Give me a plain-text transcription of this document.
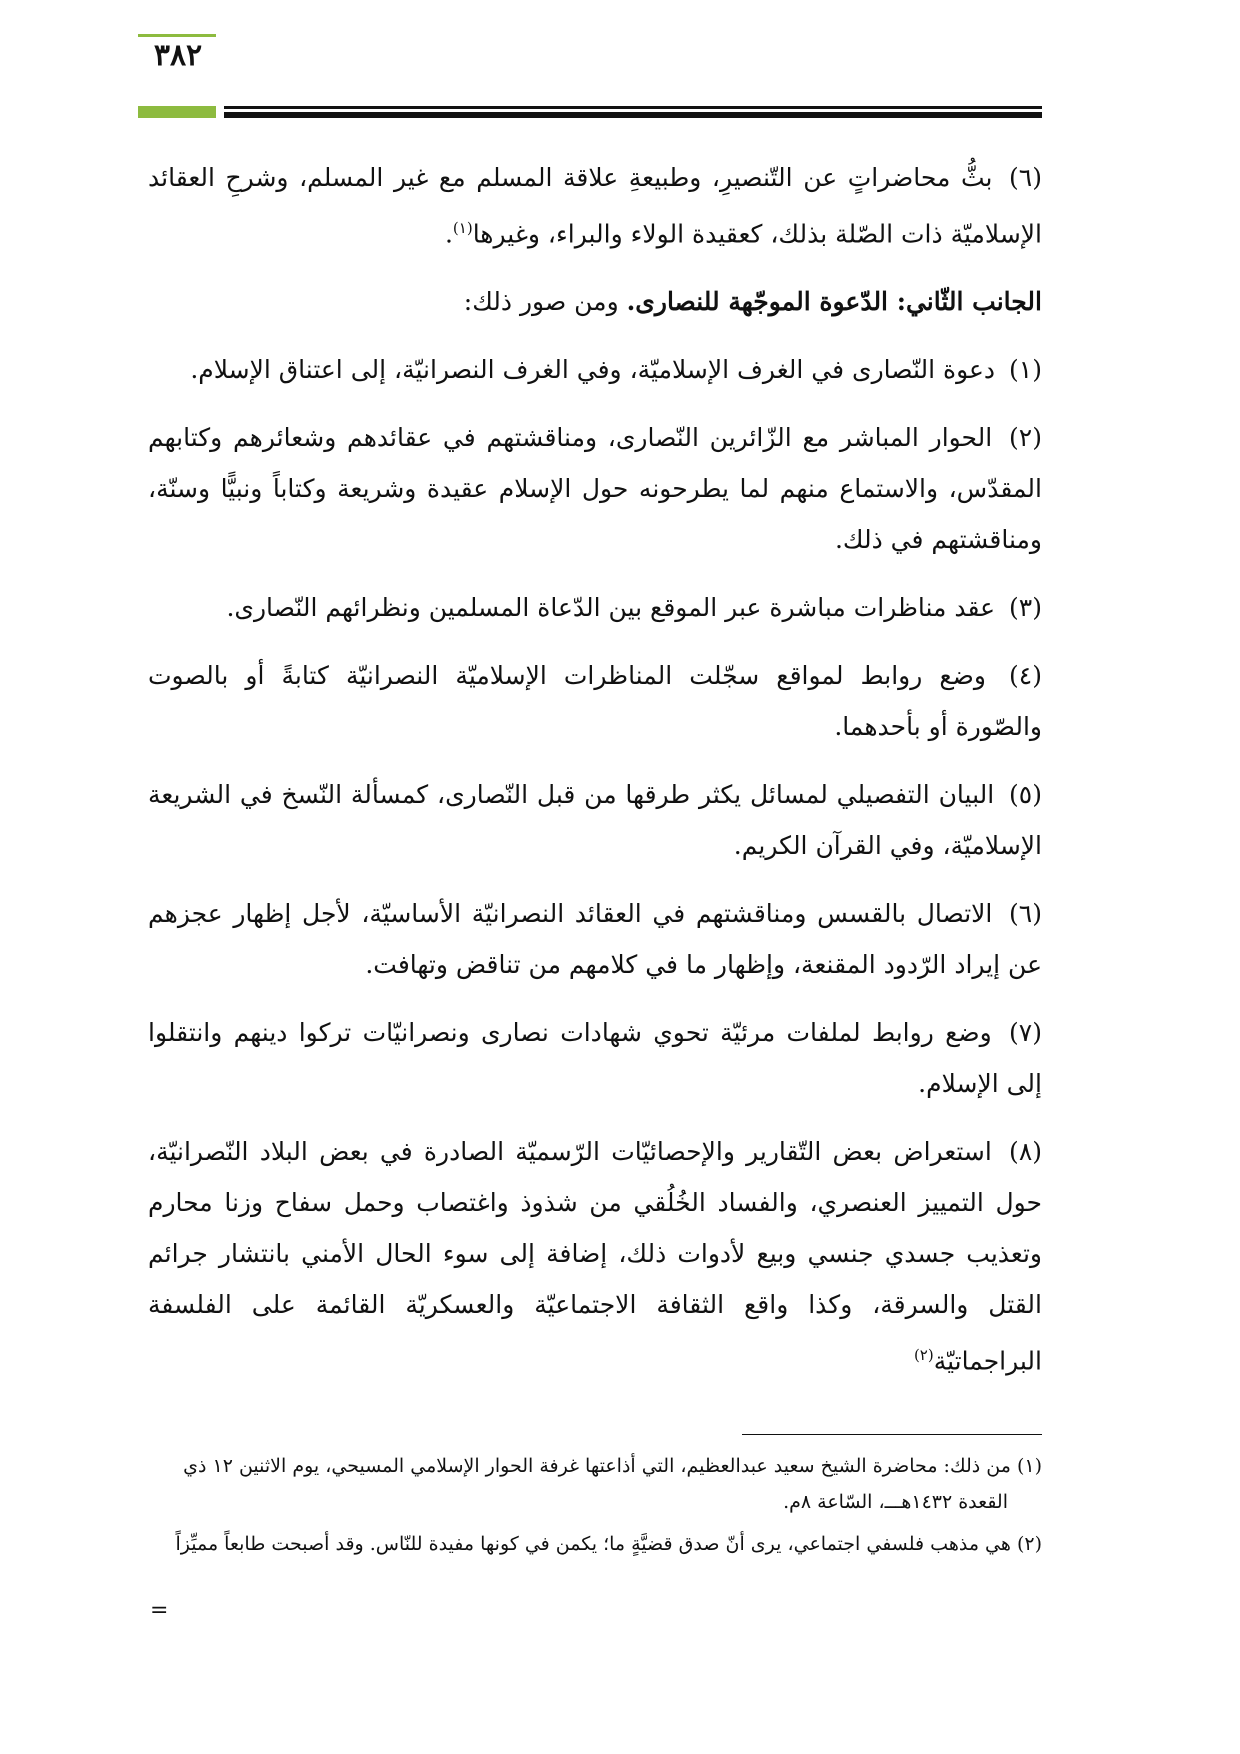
٣٨٢

(٦) بثُّ محاضراتٍ عن التّنصيرِ، وطبيعةِ علاقة المسلم مع غير المسلم، وشرحِ العقائد الإسلاميّة ذات الصّلة بذلك، كعقيدة الولاء والبراء، وغيرها$^{(١)}$.

الجانب الثّاني: الدّعوة الموجّهة للنصارى. ومن صور ذلك:

(١) دعوة النّصارى في الغرف الإسلاميّة، وفي الغرف النصرانيّة، إلى اعتناق الإسلام.

(٢) الحوار المباشر مع الزّائرين النّصارى، ومناقشتهم في عقائدهم وشعائرهم وكتابهم المقدّس، والاستماع منهم لما يطرحونه حول الإسلام عقيدة وشريعة وكتاباً ونبيًّا وسنّة، ومناقشتهم في ذلك.

(٣) عقد مناظرات مباشرة عبر الموقع بين الدّعاة المسلمين ونظرائهم النّصارى.

(٤) وضع روابط لمواقع سجّلت المناظرات الإسلاميّة النصرانيّة كتابةً أو بالصوت والصّورة أو بأحدهما.

(٥) البيان التفصيلي لمسائل يكثر طرقها من قبل النّصارى، كمسألة النّسخ في الشريعة الإسلاميّة، وفي القرآن الكريم.

(٦) الاتصال بالقسس ومناقشتهم في العقائد النصرانيّة الأساسيّة، لأجل إظهار عجزهم عن إيراد الرّدود المقنعة، وإظهار ما في كلامهم من تناقض وتهافت.

(٧) وضع روابط لملفات مرئيّة تحوي شهادات نصارى ونصرانيّات تركوا دينهم وانتقلوا إلى الإسلام.

(٨) استعراض بعض التّقارير والإحصائيّات الرّسميّة الصادرة في بعض البلاد النّصرانيّة، حول التمييز العنصري، والفساد الخُلُقي من شذوذ واغتصاب وحمل سفاح وزنا محارم وتعذيب جسدي جنسي وبيع لأدوات ذلك، إضافة إلى سوء الحال الأمني بانتشار جرائم القتل والسرقة، وكذا واقع الثقافة الاجتماعيّة والعسكريّة القائمة على الفلسفة البراجماتيّة$^{(٢)}$

(١) من ذلك: محاضرة الشيخ سعيد عبدالعظيم، التي أذاعتها غرفة الحوار الإسلامي المسيحي، يوم الاثنين ١٢ ذي
القعدة ١٤٣٢هـــ، السّاعة ٨م.

(٢) هي مذهب فلسفي اجتماعي، يرى أنّ صدق قضيَّةٍ ما؛ يكمن في كونها مفيدة للنّاس. وقد أصبحت طابعاً مميِّزاً

=
